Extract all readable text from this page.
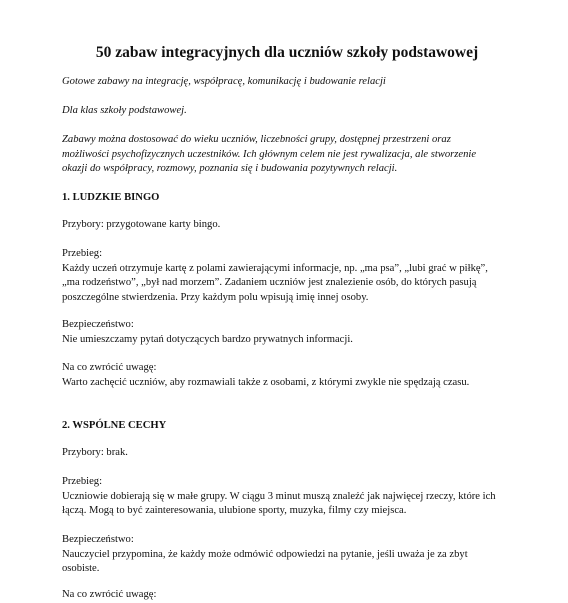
50 zabaw integracyjnych dla uczniów szkoły podstawowej

Gotowe zabawy na integrację, współpracę, komunikację i budowanie relacji

Dla klas szkoły podstawowej.

Zabawy można dostosować do wieku uczniów, liczebności grupy, dostępnej przestrzeni oraz
możliwości psychofizycznych uczestników. Ich głównym celem nie jest rywalizacja, ale stworzenie
okazji do współpracy, rozmowy, poznania się i budowania pozytywnych relacji.

1. LUDZKIE BINGO

Przybory: przygotowane karty bingo.

Przebieg:
Każdy uczeń otrzymuje kartę z polami zawierającymi informacje, np. „ma psa”, „lubi grać w piłkę”,
„ma rodzeństwo”, „był nad morzem”. Zadaniem uczniów jest znalezienie osób, do których pasują
poszczególne stwierdzenia. Przy każdym polu wpisują imię innej osoby.

Bezpieczeństwo:
Nie umieszczamy pytań dotyczących bardzo prywatnych informacji.

Na co zwrócić uwagę:
Warto zachęcić uczniów, aby rozmawiali także z osobami, z którymi zwykle nie spędzają czasu.

2. WSPÓLNE CECHY

Przybory: brak.

Przebieg:
Uczniowie dobierają się w małe grupy. W ciągu 3 minut muszą znaleźć jak najwięcej rzeczy, które ich
łączą. Mogą to być zainteresowania, ulubione sporty, muzyka, filmy czy miejsca.

Bezpieczeństwo:
Nauczyciel przypomina, że każdy może odmówić odpowiedzi na pytanie, jeśli uważa je za zbyt
osobiste.

Na co zwrócić uwagę:
